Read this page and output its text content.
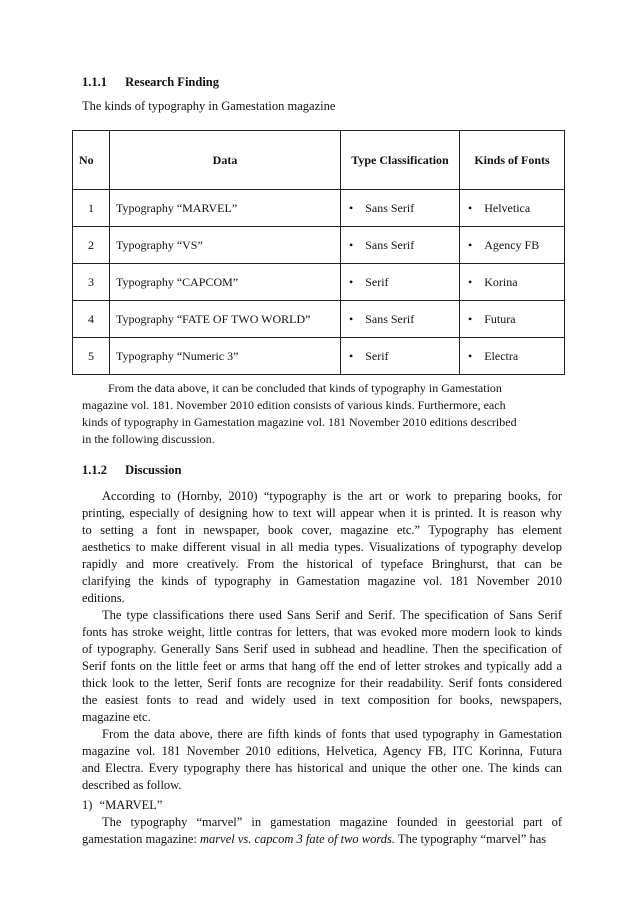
1.1.1 Research Finding
The kinds of typography in Gamestation magazine
No	Data	Type Classification	Kinds of Fonts
1	Typography “MARVEL”	• Sans Serif	• Helvetica
2	Typography “VS”	• Sans Serif	• Agency FB
3	Typography “CAPCOM”	• Serif	• Korina
4	Typography “FATE OF TWO WORLD”	• Sans Serif	• Futura
5	Typography “Numeric 3”	• Serif	• Electra
From the data above, it can be concluded that kinds of typography in Gamestation
magazine vol. 181. November 2010 edition consists of various kinds. Furthermore, each
kinds of typography in Gamestation magazine vol. 181 November 2010 editions described
in the following discussion.
1.1.2 Discussion
According to (Hornby, 2010) “typography is the art or work to preparing books, for
printing, especially of designing how to text will appear when it is printed. It is reason why
to setting a font in newspaper, book cover, magazine etc.” Typography has element
aesthetics to make different visual in all media types. Visualizations of typography develop
rapidly and more creatively. From the historical of typeface Bringhurst, that can be
clarifying the kinds of typography in Gamestation magazine vol. 181 November 2010
editions.
The type classifications there used Sans Serif and Serif. The specification of Sans Serif
fonts has stroke weight, little contras for letters, that was evoked more modern look to kinds
of typography. Generally Sans Serif used in subhead and headline. Then the specification of
Serif fonts on the little feet or arms that hang off the end of letter strokes and typically add a
thick look to the letter, Serif fonts are recognize for their readability. Serif fonts considered
the easiest fonts to read and widely used in text composition for books, newspapers,
magazine etc.
From the data above, there are fifth kinds of fonts that used typography in Gamestation
magazine vol. 181 November 2010 editions, Helvetica, Agency FB, ITC Korinna, Futura
and Electra. Every typography there has historical and unique the other one. The kinds can
described as follow.
1) “MARVEL”
The typography “marvel” in gamestation magazine founded in geestorial part of
gamestation magazine: marvel vs. capcom 3 fate of two words. The typography “marvel” has
